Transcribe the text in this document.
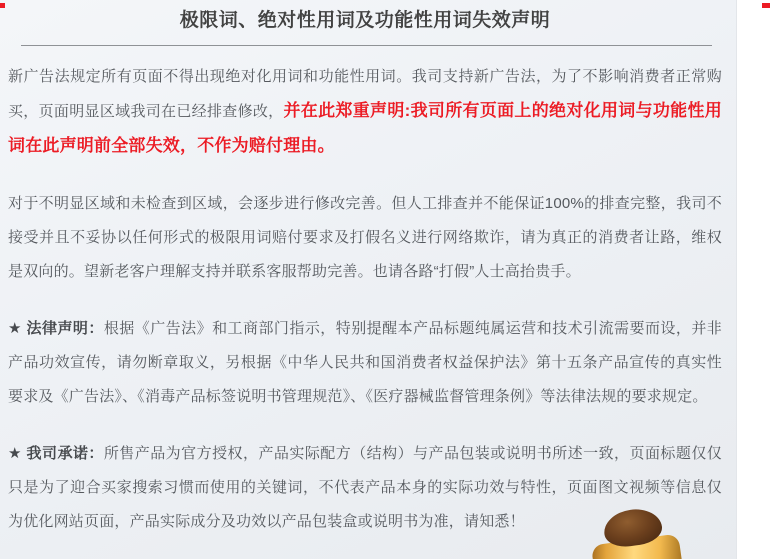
极限词、绝对性用词及功能性用词失效声明

新广告法规定所有页面不得出现绝对化用词和功能性用词。我司支持新广告法，为了不影响消费者正常购买，页面明显区域我司在已经排查修改，并在此郑重声明:我司所有页面上的绝对化用词与功能性用词在此声明前全部失效，不作为赔付理由。

对于不明显区域和未检查到区域，会逐步进行修改完善。但人工排查并不能保证100%的排查完整，我司不接受并且不妥协以任何形式的极限用词赔付要求及打假名义进行网络欺诈，请为真正的消费者让路，维权是双向的。望新老客户理解支持并联系客服帮助完善。也请各路“打假”人士高抬贵手。

★ 法律声明：根据《广告法》和工商部门指示，特别提醒本产品标题纯属运营和技术引流需要而设，并非产品功效宣传，请勿断章取义，另根据《中华人民共和国消费者权益保护法》第十五条产品宣传的真实性要求及《广告法》、《消毒产品标签说明书管理规范》、《医疗器械监督管理条例》等法律法规的要求规定。

★ 我司承诺：所售产品为官方授权，产品实际配方（结构）与产品包装或说明书所述一致，页面标题仅仅只是为了迎合买家搜索习惯而使用的关键词，不代表产品本身的实际功效与特性，页面图文视频等信息仅为优化网站页面，产品实际成分及功效以产品包装盒或说明书为准，请知悉！
